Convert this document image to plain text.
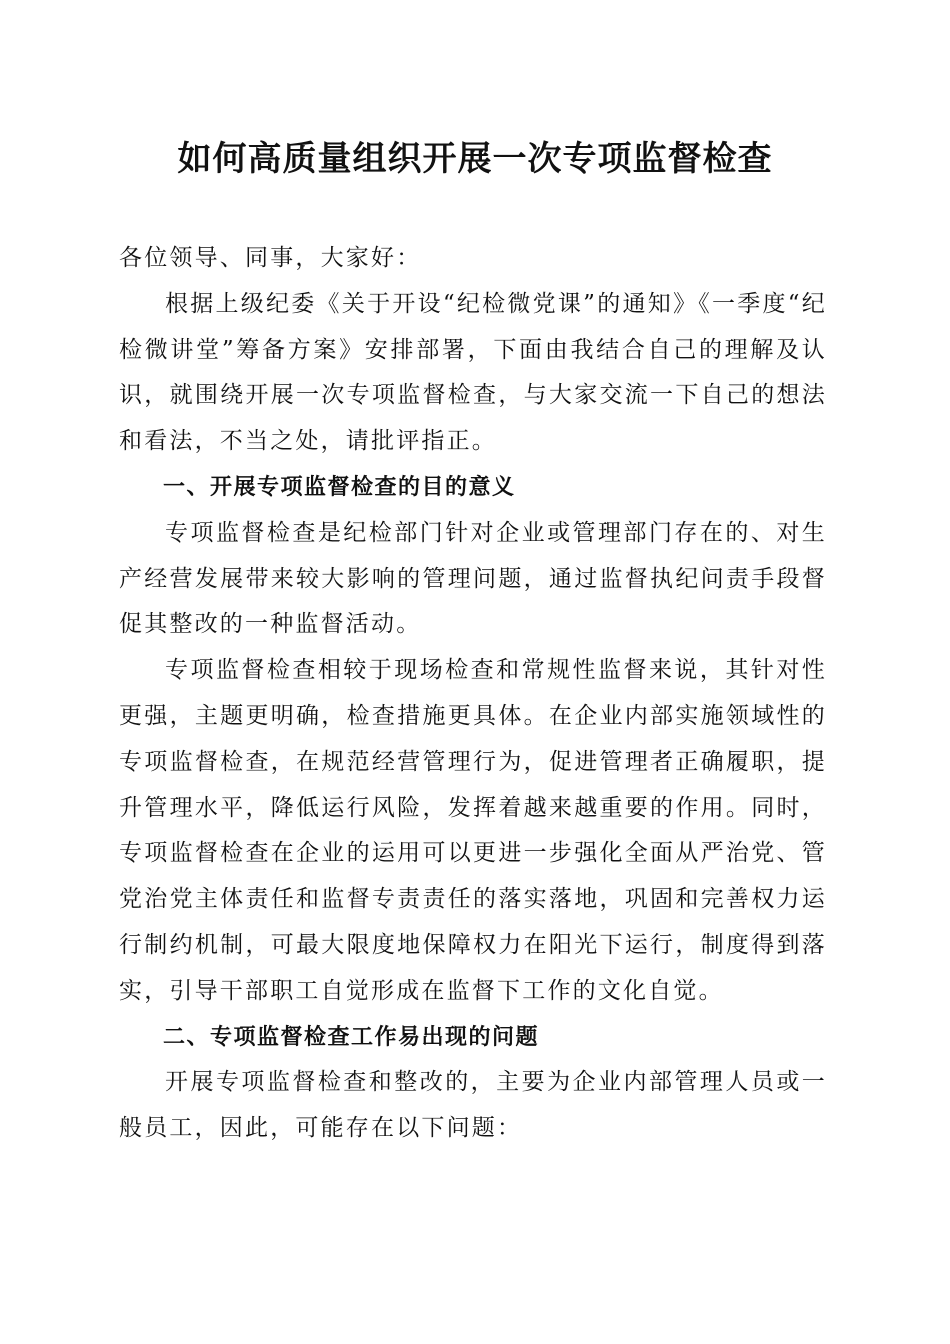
如何高质量组织开展一次专项监督检查

各位领导、同事，大家好：

根据上级纪委《关于开设“纪检微党课”的通知》《一季度“纪检微讲堂”筹备方案》安排部署，下面由我结合自己的理解及认识，就围绕开展一次专项监督检查，与大家交流一下自己的想法和看法，不当之处，请批评指正。

一、开展专项监督检查的目的意义

专项监督检查是纪检部门针对企业或管理部门存在的、对生产经营发展带来较大影响的管理问题，通过监督执纪问责手段督促其整改的一种监督活动。

专项监督检查相较于现场检查和常规性监督来说，其针对性更强，主题更明确，检查措施更具体。在企业内部实施领域性的专项监督检查，在规范经营管理行为，促进管理者正确履职，提升管理水平，降低运行风险，发挥着越来越重要的作用。同时，专项监督检查在企业的运用可以更进一步强化全面从严治党、管党治党主体责任和监督专责责任的落实落地，巩固和完善权力运行制约机制，可最大限度地保障权力在阳光下运行，制度得到落实，引导干部职工自觉形成在监督下工作的文化自觉。

二、专项监督检查工作易出现的问题

开展专项监督检查和整改的，主要为企业内部管理人员或一般员工，因此，可能存在以下问题：
